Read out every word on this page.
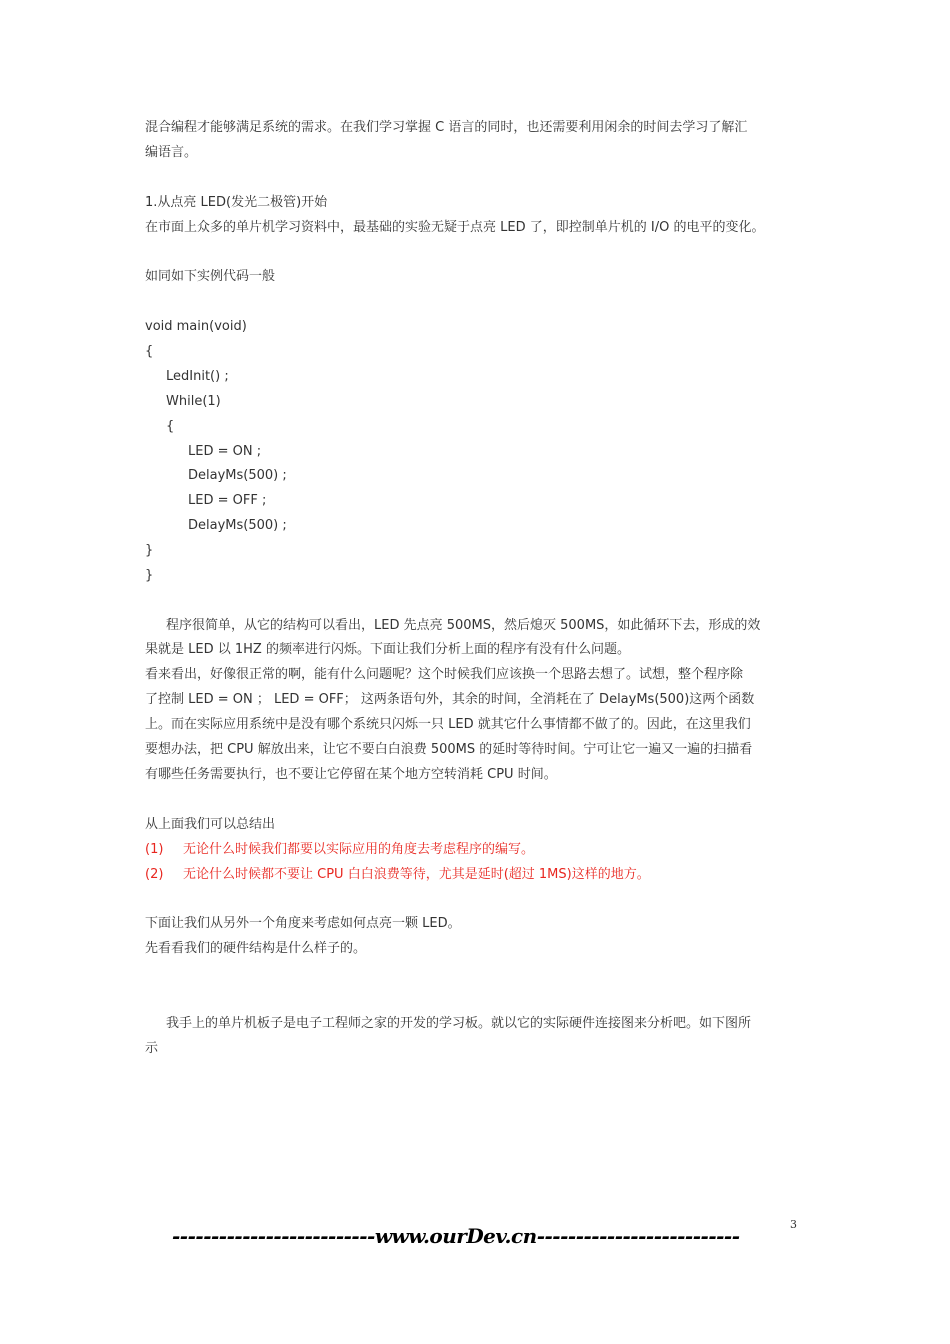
混合编程才能够满足系统的需求。在我们学习掌握 C 语言的同时，也还需要利用闲余的时间去学习了解汇
编语言。
1.从点亮 LED(发光二极管)开始
在市面上众多的单片机学习资料中，最基础的实验无疑于点亮 LED 了，即控制单片机的 I/O 的电平的变化。
如同如下实例代码一般
void main(void)
{
LedInit() ;
While(1)
{
LED = ON ;
DelayMs(500) ;
LED = OFF ;
DelayMs(500) ;
}
}
程序很简单，从它的结构可以看出，LED 先点亮 500MS，然后熄灭 500MS，如此循环下去，形成的效
果就是 LED 以 1HZ 的频率进行闪烁。下面让我们分析上面的程序有没有什么问题。
看来看出，好像很正常的啊，能有什么问题呢？这个时候我们应该换一个思路去想了。试想，整个程序除
了控制 LED = ON ； LED = OFF； 这两条语句外，其余的时间，全消耗在了 DelayMs(500)这两个函数
上。而在实际应用系统中是没有哪个系统只闪烁一只 LED 就其它什么事情都不做了的。因此，在这里我们
要想办法，把 CPU 解放出来，让它不要白白浪费 500MS 的延时等待时间。宁可让它一遍又一遍的扫描看
有哪些任务需要执行，也不要让它停留在某个地方空转消耗 CPU 时间。
从上面我们可以总结出
(1) 无论什么时候我们都要以实际应用的角度去考虑程序的编写。
(2) 无论什么时候都不要让 CPU 白白浪费等待，尤其是延时(超过 1MS)这样的地方。
下面让我们从另外一个角度来考虑如何点亮一颗 LED。
先看看我们的硬件结构是什么样子的。
我手上的单片机板子是电子工程师之家的开发的学习板。就以它的实际硬件连接图来分析吧。如下图所
示
--------------------------www.ourDev.cn--------------------------	3
